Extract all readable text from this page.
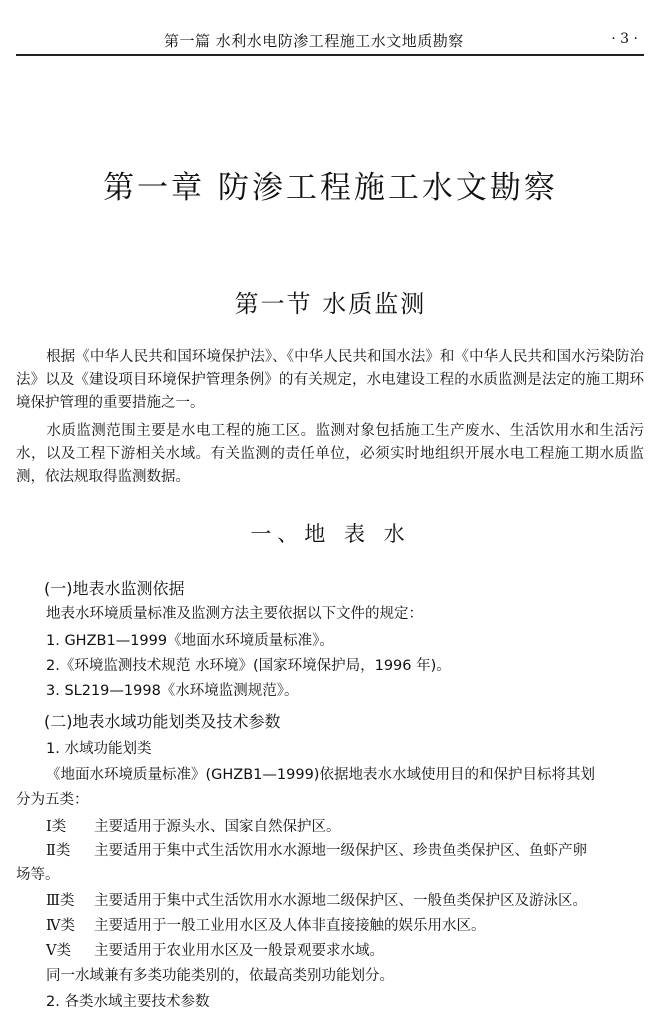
第一篇 水利水电防渗工程施工水文地质勘察	· 3 ·
第一章 防渗工程施工水文勘察
第一节 水质监测

根据《中华人民共和国环境保护法》、《中华人民共和国水法》和《中华人民共和国水污染防治法》以及《建设项目环境保护管理条例》的有关规定，水电建设工程的水质监测是法定的施工期环境保护管理的重要措施之一。

水质监测范围主要是水电工程的施工区。监测对象包括施工生产废水、生活饮用水和生活污水，以及工程下游相关水域。有关监测的责任单位，必须实时地组织开展水电工程施工期水质监测，依法规取得监测数据。

一、地 表 水
(一)地表水监测依据
地表水环境质量标准及监测方法主要依据以下文件的规定：
1. GHZB1—1999《地面水环境质量标准》。
2.《环境监测技术规范 水环境》(国家环境保护局，1996 年)。
3. SL219—1998《水环境监测规范》。
(二)地表水域功能划类及技术参数
1. 水域功能划类
《地面水环境质量标准》(GHZB1—1999)依据地表水水域使用目的和保护目标将其划
分为五类：
Ⅰ类 主要适用于源头水、国家自然保护区。
Ⅱ类 主要适用于集中式生活饮用水水源地一级保护区、珍贵鱼类保护区、鱼虾产卵
场等。
Ⅲ类 主要适用于集中式生活饮用水水源地二级保护区、一般鱼类保护区及游泳区。
Ⅳ类 主要适用于一般工业用水区及人体非直接接触的娱乐用水区。
Ⅴ类 主要适用于农业用水区及一般景观要求水域。
同一水域兼有多类功能类别的，依最高类别功能划分。
2. 各类水域主要技术参数
